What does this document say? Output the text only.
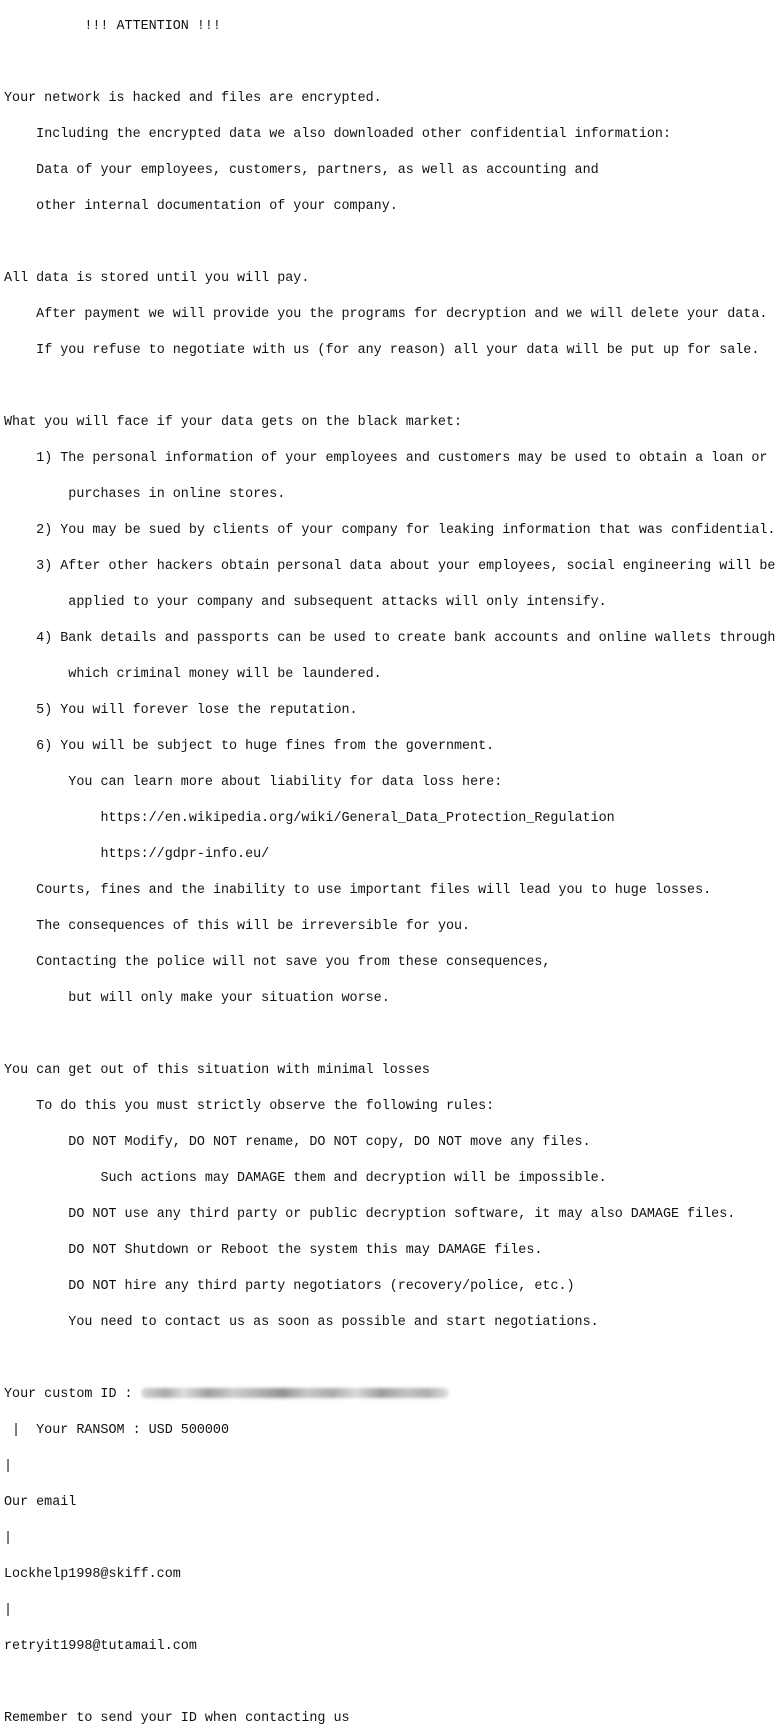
!!! ATTENTION !!!

Your network is hacked and files are encrypted.

Including the encrypted data we also downloaded other confidential information:

Data of your employees, customers, partners, as well as accounting and

other internal documentation of your company.

All data is stored until you will pay.

After payment we will provide you the programs for decryption and we will delete your data.

If you refuse to negotiate with us (for any reason) all your data will be put up for sale.

What you will face if your data gets on the black market:

1) The personal information of your employees and customers may be used to obtain a loan or

purchases in online stores.

2) You may be sued by clients of your company for leaking information that was confidential.

3) After other hackers obtain personal data about your employees, social engineering will be

applied to your company and subsequent attacks will only intensify.

4) Bank details and passports can be used to create bank accounts and online wallets through

which criminal money will be laundered.

5) You will forever lose the reputation.

6) You will be subject to huge fines from the government.

You can learn more about liability for data loss here:

https://en.wikipedia.org/wiki/General_Data_Protection_Regulation

https://gdpr-info.eu/

Courts, fines and the inability to use important files will lead you to huge losses.

The consequences of this will be irreversible for you.

Contacting the police will not save you from these consequences,

but will only make your situation worse.

You can get out of this situation with minimal losses

To do this you must strictly observe the following rules:

DO NOT Modify, DO NOT rename, DO NOT copy, DO NOT move any files.

Such actions may DAMAGE them and decryption will be impossible.

DO NOT use any third party or public decryption software, it may also DAMAGE files.

DO NOT Shutdown or Reboot the system this may DAMAGE files.

DO NOT hire any third party negotiators (recovery/police, etc.)

You need to contact us as soon as possible and start negotiations.

Your custom ID :

|  Your RANSOM : USD 500000

|

Our email

|

Lockhelp1998@skiff.com

|

retryit1998@tutamail.com

Remember to send your ID when contacting us
